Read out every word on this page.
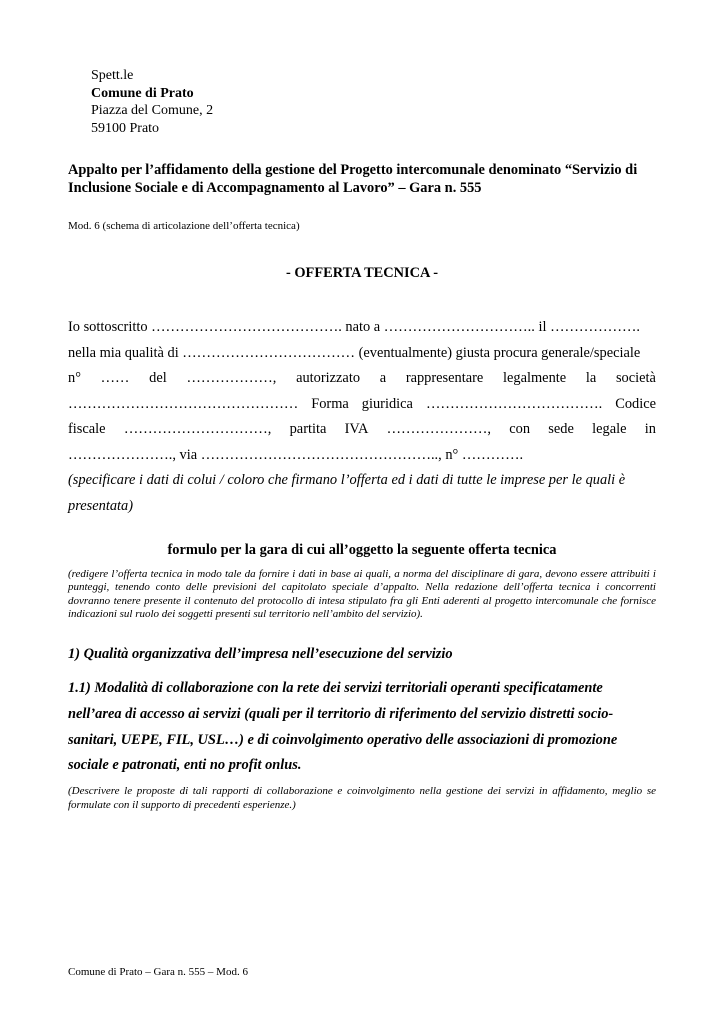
Spett.le
Comune di Prato
Piazza del Comune, 2
59100 Prato
Appalto per l’affidamento della gestione del Progetto intercomunale denominato “Servizio di Inclusione Sociale e di Accompagnamento al Lavoro” – Gara n. 555
Mod. 6 (schema di articolazione dell’offerta tecnica)
- OFFERTA TECNICA -
Io sottoscritto …………………………………. nato a ………………………….. il ……………….
nella mia qualità di ……………………………… (eventualmente) giusta procura generale/speciale
n° …… del ………………, autorizzato a rappresentare legalmente la società
………………………………………… Forma giuridica ………………………………. Codice
fiscale …………………………, partita IVA …………………, con sede legale in
…………………., via ………………………………………….., n° ………….
(specificare i dati di colui / coloro che firmano l’offerta ed i dati di tutte le imprese per le quali è presentata)
formulo per la gara di cui all’oggetto la seguente offerta tecnica
(redigere l’offerta tecnica in modo tale da fornire i dati in base ai quali, a norma del disciplinare di gara, devono essere attribuiti i punteggi, tenendo conto delle previsioni del capitolato speciale d’appalto. Nella redazione dell’offerta tecnica i concorrenti dovranno tenere presente il contenuto del protocollo di intesa stipulato fra gli Enti aderenti al progetto intercomunale che fornisce indicazioni sul ruolo dei soggetti presenti sul territorio nell’ambito del servizio).
1) Qualità organizzativa dell’impresa nell’esecuzione del servizio
1.1) Modalità di collaborazione con la rete dei servizi territoriali operanti specificatamente
nell’area di accesso ai servizi (quali per il territorio di riferimento del servizio distretti socio-
sanitari, UEPE, FIL, USL…) e di coinvolgimento operativo delle associazioni di promozione
sociale e patronati, enti no profit onlus.
(Descrivere le proposte di tali rapporti di collaborazione e coinvolgimento nella gestione dei servizi in affidamento, meglio se formulate con il supporto di precedenti esperienze.)
Comune di Prato – Gara n. 555 – Mod. 6
